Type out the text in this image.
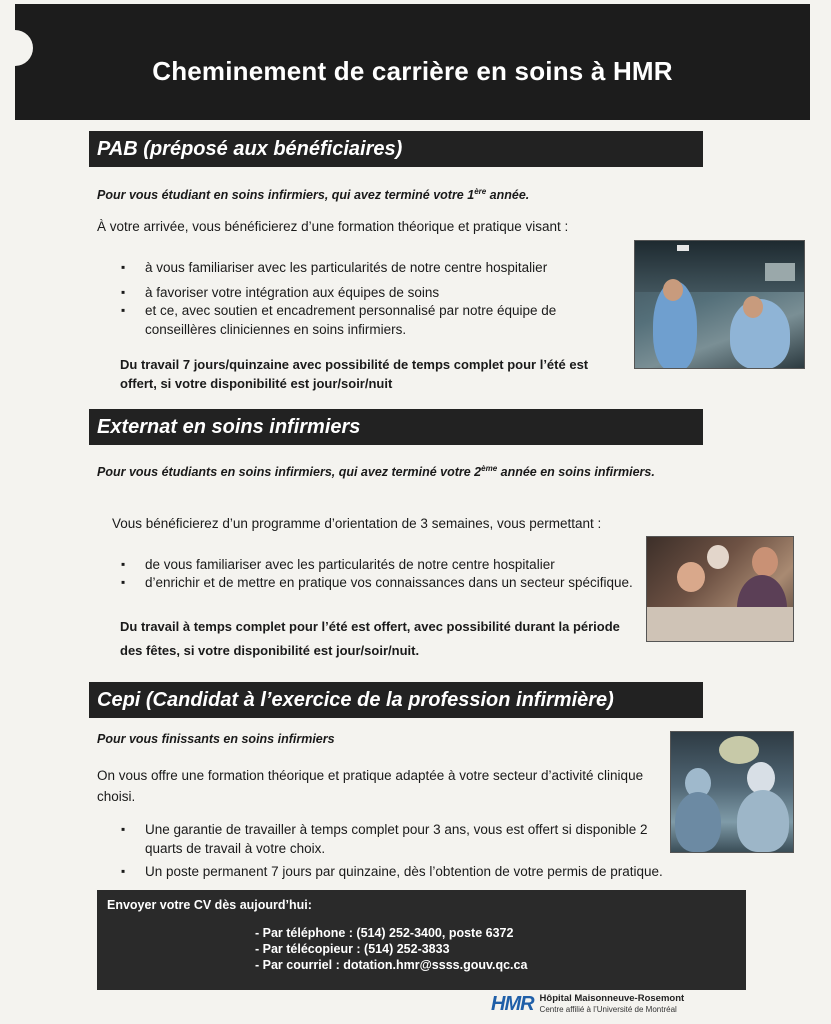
Cheminement de carrière en soins à HMR
PAB (préposé aux bénéficiaires)

Pour vous étudiant en soins infirmiers, qui avez terminé votre 1ère année.

À votre arrivée, vous bénéficierez d’une formation théorique et pratique visant :

▪ à vous familiariser avec les particularités de notre centre hospitalier
▪ à favoriser votre intégration aux équipes de soins
▪ et ce, avec soutien et encadrement personnalisé par notre équipe de conseillères cliniciennes en soins infirmiers.

Du travail 7 jours/quinzaine avec possibilité de temps complet pour l’été est offert, si votre disponibilité est jour/soir/nuit

Externat en soins infirmiers

Pour vous étudiants en soins infirmiers, qui avez terminé votre 2ème année en soins infirmiers.

Vous bénéficierez d’un programme d’orientation de 3 semaines, vous permettant :

▪ de vous familiariser avec les particularités de notre centre hospitalier
▪ d’enrichir et de mettre en pratique vos connaissances dans un secteur spécifique.

Du travail à temps complet pour l’été est offert, avec possibilité durant la période des fêtes, si votre disponibilité est jour/soir/nuit.

Cepi (Candidat à l’exercice de la profession infirmière)

Pour vous finissants en soins infirmiers

On vous offre une formation théorique et pratique adaptée à votre secteur d’activité clinique choisi.

▪ Une garantie de travailler à temps complet pour 3 ans, vous est offert si disponible 2 quarts de travail à votre choix.
▪ Un poste permanent 7 jours par quinzaine, dès l’obtention de votre permis de pratique.
Envoyer votre CV dès aujourd’hui:
- Par téléphone : (514) 252-3400, poste 6372
- Par télécopieur : (514) 252-3833
- Par courriel : dotation.hmr@ssss.gouv.qc.ca
HMR Hôpital Maisonneuve-Rosemont
Centre affilié à l’Université de Montréal
